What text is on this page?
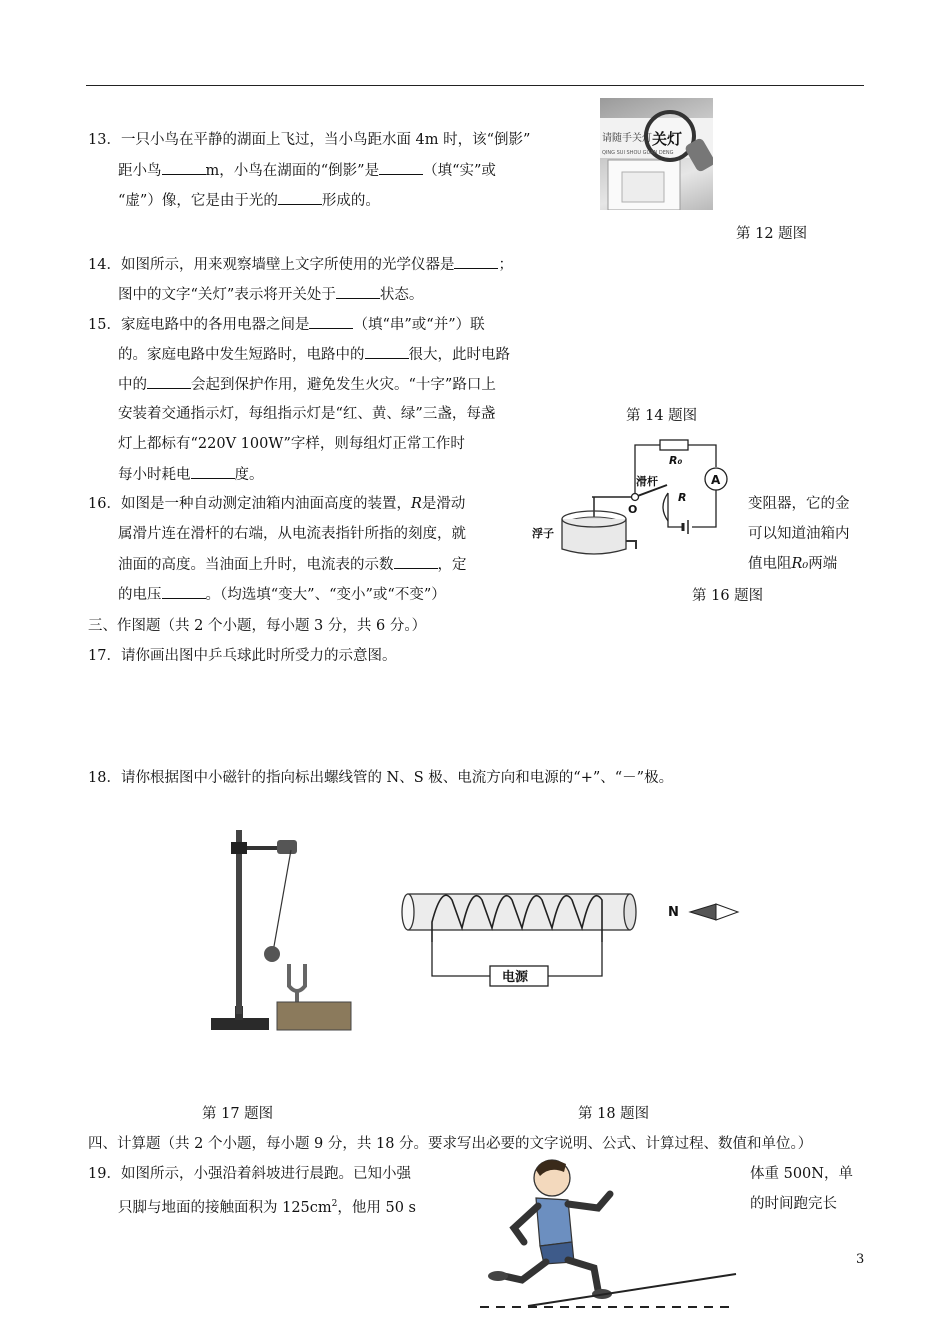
13．一只小鸟在平静的湖面上飞过，当小鸟距水面 4m 时，该“倒影”
距小鸟	m，小鸟在湖面的“倒影”是	（填“实”或
“虚”）像，它是由于光的	形成的。
请随手关灯 关灯
QING SUI SHOU GUAN DENG
第 12 题图
14．如图所示，用来观察墙壁上文字所使用的光学仪器是	；
图中的文字“关灯”表示将开关处于	状态。
15．家庭电路中的各用电器之间是	（填“串”或“并”）联
的。家庭电路中发生短路时，电路中的	很大，此时电路
中的	会起到保护作用，避免发生火灾。“十字”路口上
安装着交通指示灯，每组指示灯是“红、黄、绿”三盏，每盏
灯上都标有“220V 100W”字样，则每组灯正常工作时
每小时耗电	度。
第 14 题图
A
R₀
R
滑杆
O
浮子
16．如图是一种自动测定油箱内油面高度的装置，R是滑动	变阻器，它的金
属滑片连在滑杆的右端，从电流表指针所指的刻度，就	可以知道油箱内
油面的高度。当油面上升时，电流表的示数	，定	值电阻R₀两端
的电压	。（均选填“变大”、“变小”或“不变”）	第 16 题图
三、作图题（共 2 个小题，每小题 3 分，共 6 分。）
17．请你画出图中乒乓球此时所受力的示意图。
18．请你根据图中小磁针的指向标出螺线管的 N、S 极、电流方向和电源的“+”、“－”极。
第 17 题图
电源
N
第 18 题图
四、计算题（共 2 个小题，每小题 9 分，共 18 分。要求写出必要的文字说明、公式、计算过程、数值和单位。）
19．如图所示，小强沿着斜坡进行晨跑。已知小强	体重 500N，单
只脚与地面的接触面积为 $125cm^2$，他用 50 s	的时间跑完长
3
